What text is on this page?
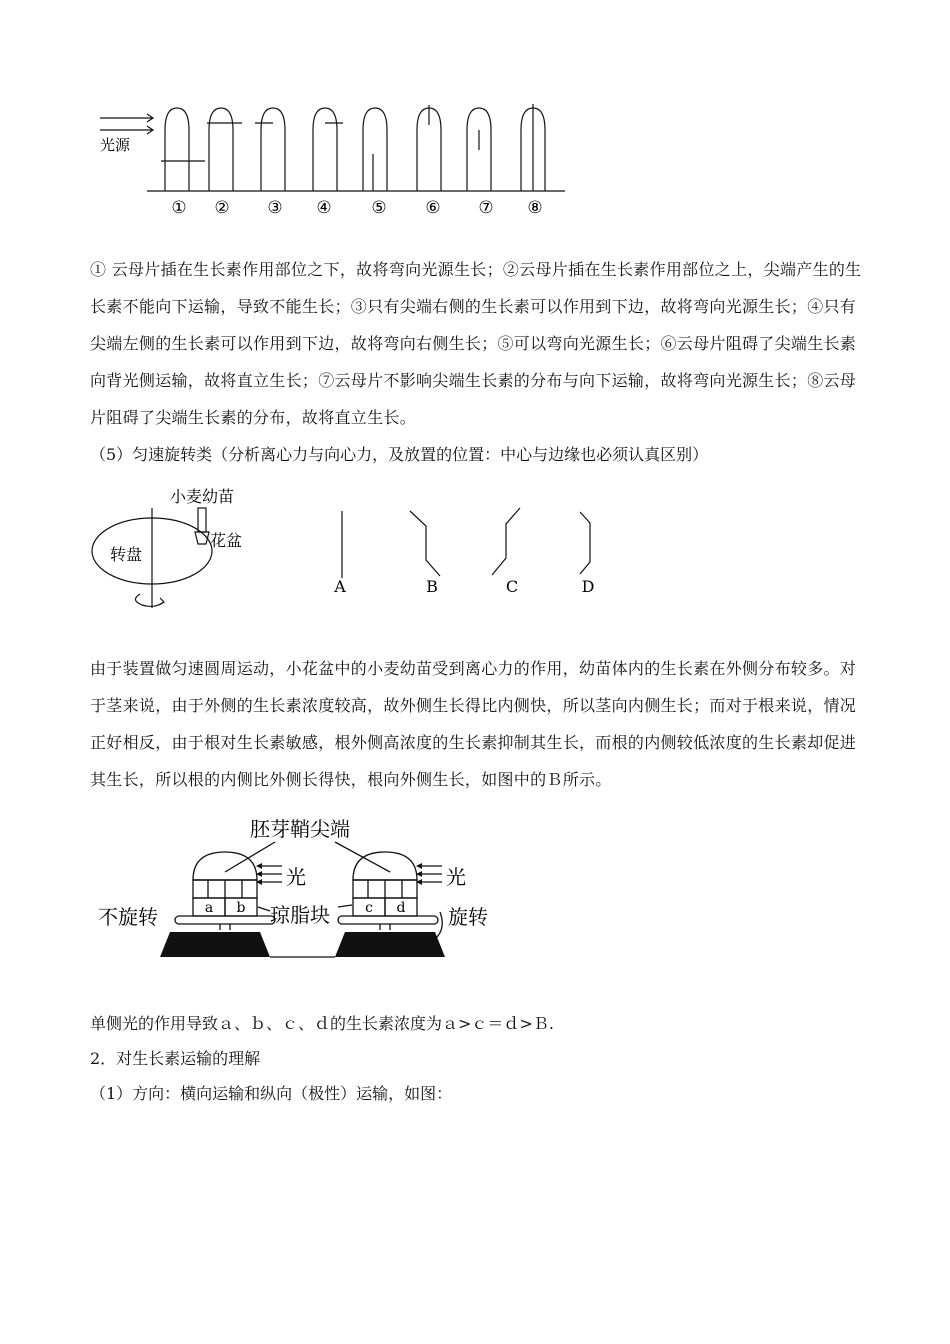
光源
① ② ③ ④ ⑤ ⑥ ⑦ ⑧

① 云母片插在生长素作用部位之下，故将弯向光源生长；②云母片插在生长素作用部位之上，尖端产生的生长素不能向下运输，导致不能生长；③只有尖端右侧的生长素可以作用到下边，故将弯向光源生长；④只有尖端左侧的生长素可以作用到下边，故将弯向右侧生长；⑤可以弯向光源生长；⑥云母片阻碍了尖端生长素向背光侧运输，故将直立生长；⑦云母片不影响尖端生长素的分布与向下运输，故将弯向光源生长；⑧云母片阻碍了尖端生长素的分布，故将直立生长。

（5）匀速旋转类（分析离心力与向心力，及放置的位置：中心与边缘也必须认真区别）
小麦幼苗
花盆
转盘
A	B	C	D

由于装置做匀速圆周运动，小花盆中的小麦幼苗受到离心力的作用，幼苗体内的生长素在外侧分布较多。对于茎来说，由于外侧的生长素浓度较高，故外侧生长得比内侧快，所以茎向内侧生长；而对于根来说，情况正好相反，由于根对生长素敏感，根外侧高浓度的生长素抑制其生长，而根的内侧较低浓度的生长素却促进其生长，所以根的内侧比外侧长得快，根向外侧生长，如图中的Ｂ所示。

胚芽鞘尖端
光	光
琼脂块
不旋转	旋转
a b	c d
单侧光的作用导致ａ、ｂ、ｃ、ｄ的生长素浓度为ａ>ｃ＝ｄ>Ｂ.
2．对生长素运输的理解
（1）方向：横向运输和纵向（极性）运输，如图：
